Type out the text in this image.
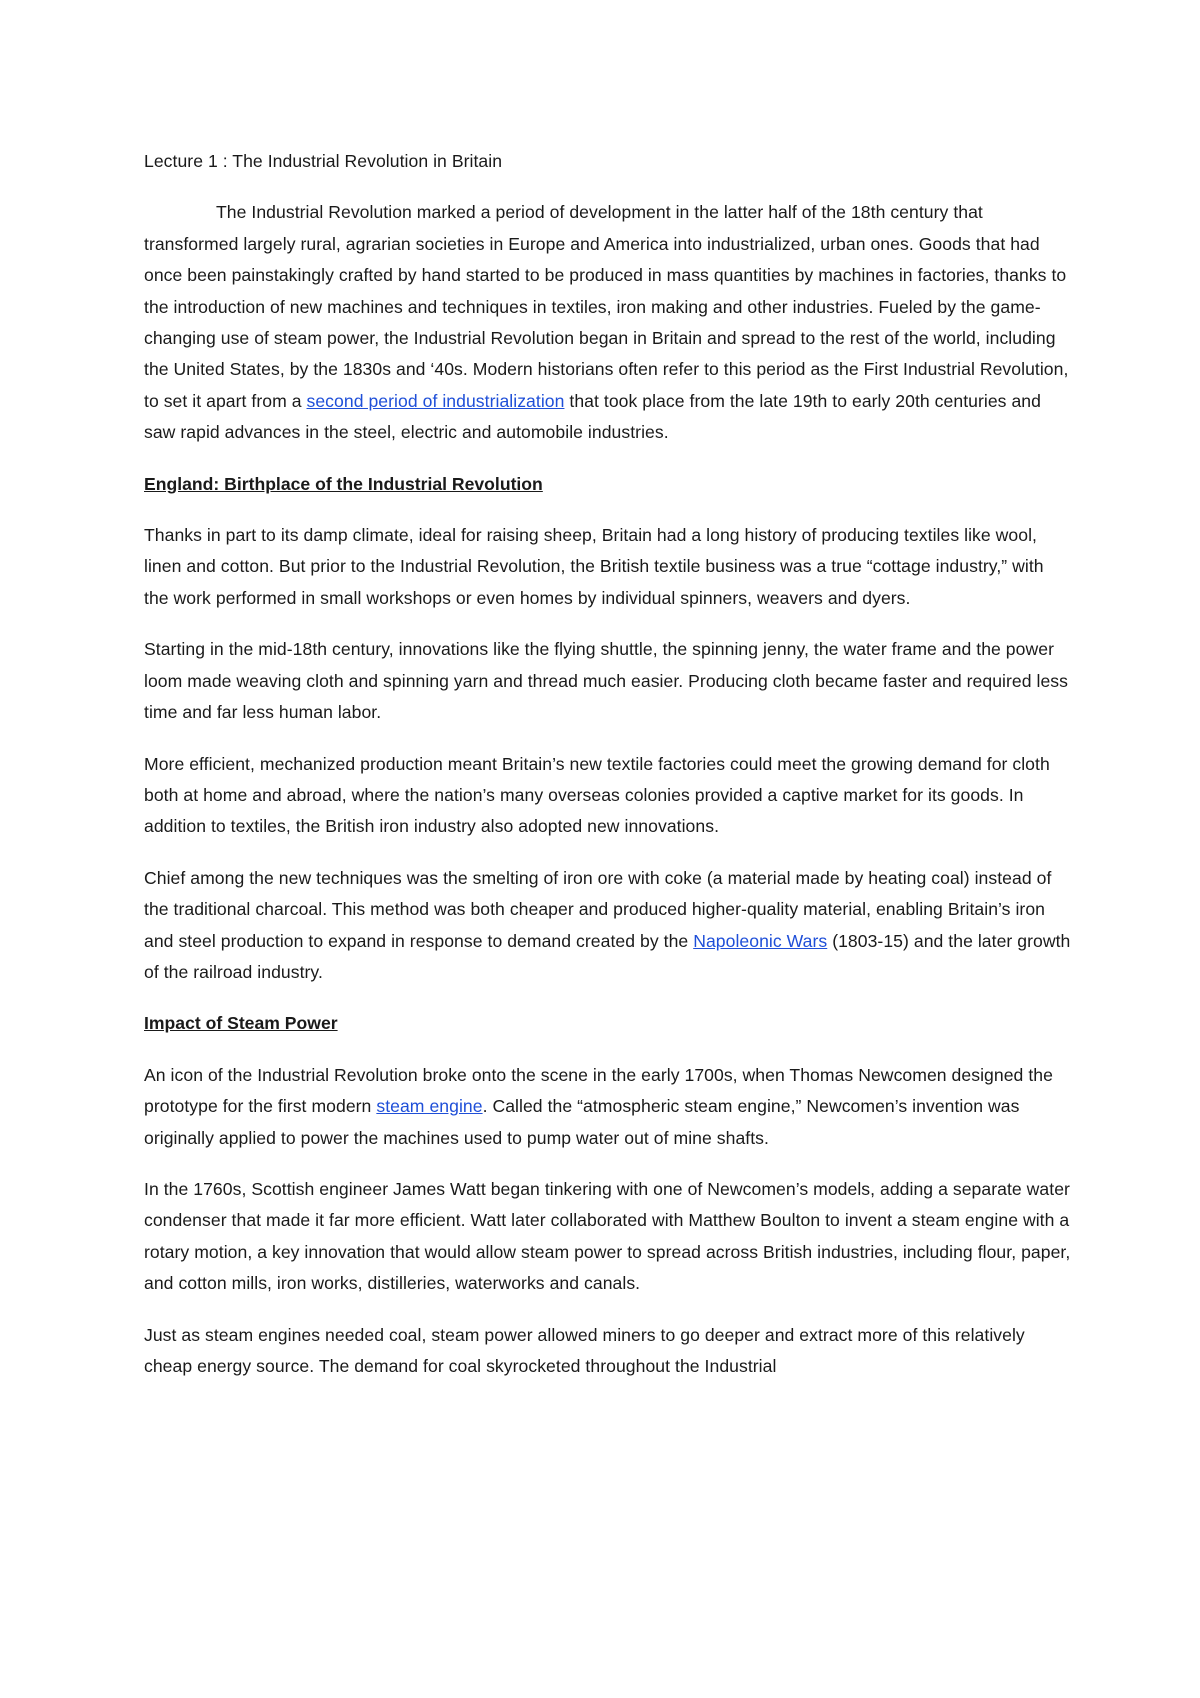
Lecture 1 : The Industrial Revolution in Britain

The Industrial Revolution marked a period of development in the latter half of the 18th century that transformed largely rural, agrarian societies in Europe and America into industrialized, urban ones. Goods that had once been painstakingly crafted by hand started to be produced in mass quantities by machines in factories, thanks to the introduction of new machines and techniques in textiles, iron making and other industries. Fueled by the game-changing use of steam power, the Industrial Revolution began in Britain and spread to the rest of the world, including the United States, by the 1830s and ‘40s. Modern historians often refer to this period as the First Industrial Revolution, to set it apart from a second period of industrialization that took place from the late 19th to early 20th centuries and saw rapid advances in the steel, electric and automobile industries.

England: Birthplace of the Industrial Revolution

Thanks in part to its damp climate, ideal for raising sheep, Britain had a long history of producing textiles like wool, linen and cotton. But prior to the Industrial Revolution, the British textile business was a true “cottage industry,” with the work performed in small workshops or even homes by individual spinners, weavers and dyers.

Starting in the mid-18th century, innovations like the flying shuttle, the spinning jenny, the water frame and the power loom made weaving cloth and spinning yarn and thread much easier. Producing cloth became faster and required less time and far less human labor.

More efficient, mechanized production meant Britain’s new textile factories could meet the growing demand for cloth both at home and abroad, where the nation’s many overseas colonies provided a captive market for its goods. In addition to textiles, the British iron industry also adopted new innovations.

Chief among the new techniques was the smelting of iron ore with coke (a material made by heating coal) instead of the traditional charcoal. This method was both cheaper and produced higher-quality material, enabling Britain’s iron and steel production to expand in response to demand created by the Napoleonic Wars (1803-15) and the later growth of the railroad industry.

Impact of Steam Power

An icon of the Industrial Revolution broke onto the scene in the early 1700s, when Thomas Newcomen designed the prototype for the first modern steam engine. Called the “atmospheric steam engine,” Newcomen’s invention was originally applied to power the machines used to pump water out of mine shafts.

In the 1760s, Scottish engineer James Watt began tinkering with one of Newcomen’s models, adding a separate water condenser that made it far more efficient. Watt later collaborated with Matthew Boulton to invent a steam engine with a rotary motion, a key innovation that would allow steam power to spread across British industries, including flour, paper, and cotton mills, iron works, distilleries, waterworks and canals.

Just as steam engines needed coal, steam power allowed miners to go deeper and extract more of this relatively cheap energy source. The demand for coal skyrocketed throughout the Industrial
